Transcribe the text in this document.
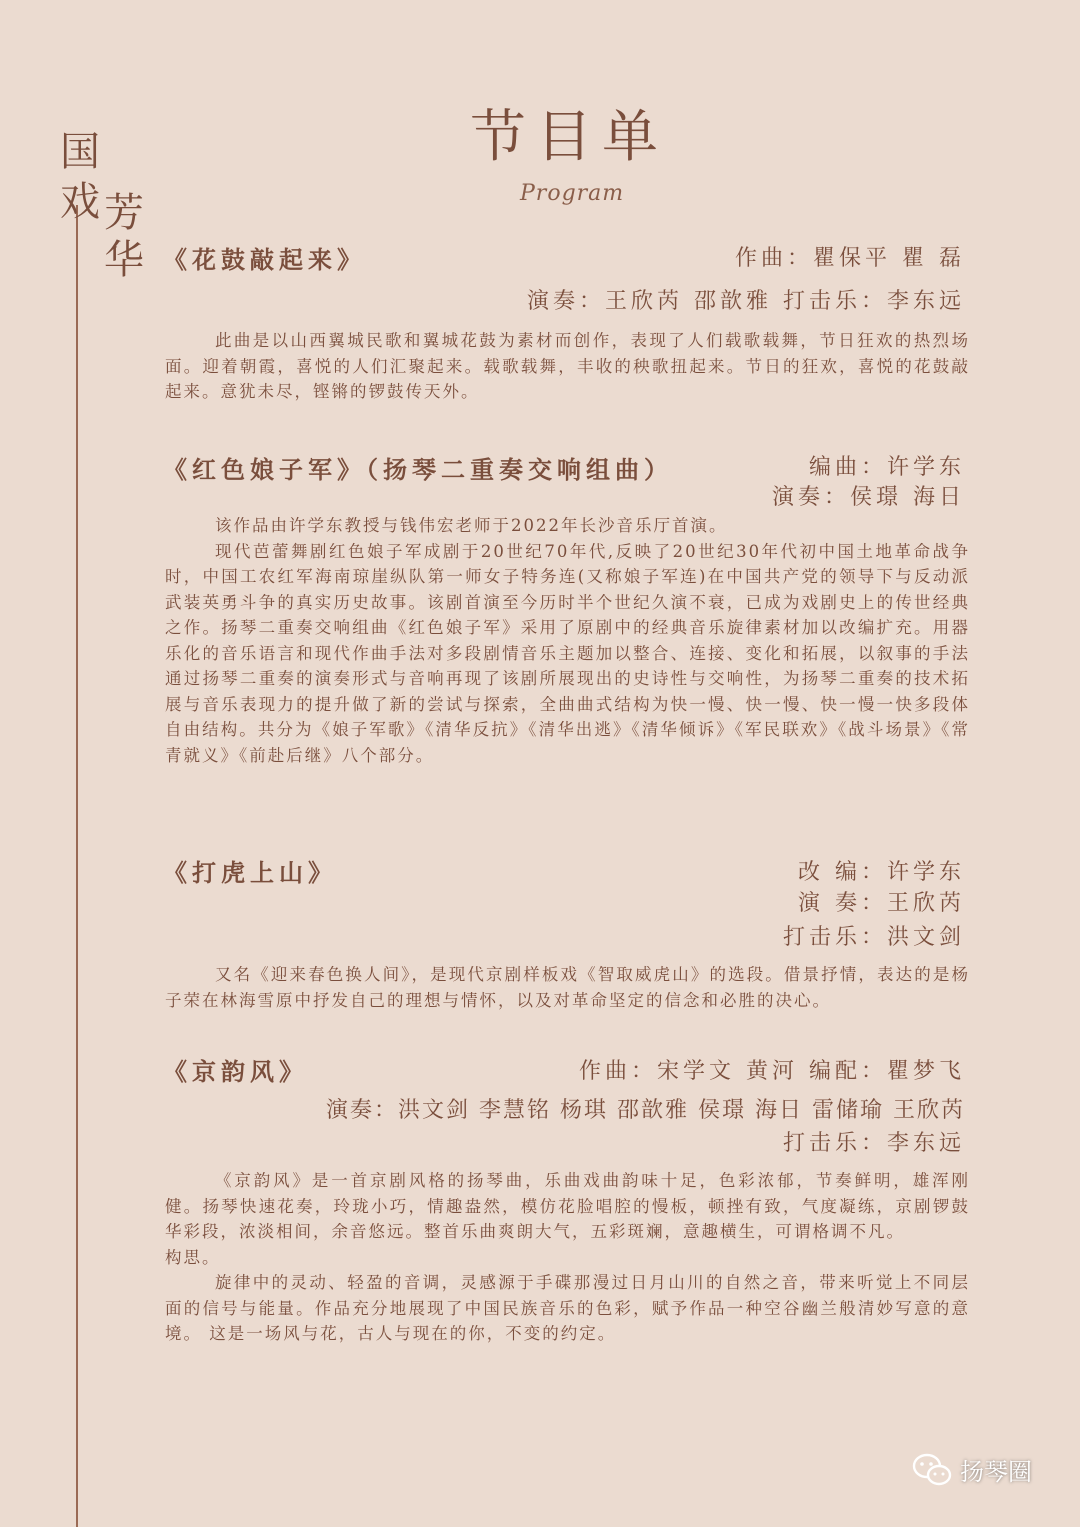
国
戏 芳
华
节目单
Program
《花鼓敲起来》	作曲：瞿保平 瞿 磊
演奏：王欣芮 邵歆雅 打击乐：李东远
此曲是以山西翼城民歌和翼城花鼓为素材而创作，表现了人们载歌载舞，节日狂欢的热烈场面。迎着朝霞，喜悦的人们汇聚起来。载歌载舞，丰收的秧歌扭起来。节日的狂欢，喜悦的花鼓敲起来。意犹未尽，铿锵的锣鼓传天外。
《红色娘子军》（扬琴二重奏交响组曲）	编曲：许学东
演奏：侯璟 海日
该作品由许学东教授与钱伟宏老师于2022年长沙音乐厅首演。
现代芭蕾舞剧红色娘子军成剧于20世纪70年代,反映了20世纪30年代初中国土地革命战争时，中国工农红军海南琼崖纵队第一师女子特务连(又称娘子军连)在中国共产党的领导下与反动派武装英勇斗争的真实历史故事。该剧首演至今历时半个世纪久演不衰，已成为戏剧史上的传世经典之作。扬琴二重奏交响组曲《红色娘子军》采用了原剧中的经典音乐旋律素材加以改编扩充。用器乐化的音乐语言和现代作曲手法对多段剧情音乐主题加以整合、连接、变化和拓展，以叙事的手法通过扬琴二重奏的演奏形式与音响再现了该剧所展现出的史诗性与交响性，为扬琴二重奏的技术拓展与音乐表现力的提升做了新的尝试与探索，全曲曲式结构为快一慢、快一慢、快一慢一快多段体自由结构。共分为《娘子军歌》《清华反抗》《清华出逃》《清华倾诉》《军民联欢》《战斗场景》《常青就义》《前赴后继》八个部分。
《打虎上山》	改 编：许学东
演 奏：王欣芮
打击乐：洪文剑
又名《迎来春色换人间》，是现代京剧样板戏《智取威虎山》的选段。借景抒情，表达的是杨子荣在林海雪原中抒发自己的理想与情怀，以及对革命坚定的信念和必胜的决心。
《京韵风》	作曲：宋学文 黄河 编配：瞿梦飞
演奏：洪文剑 李慧铭 杨琪 邵歆雅 侯璟 海日 雷储瑜 王欣芮
打击乐：李东远
《京韵风》是一首京剧风格的扬琴曲，乐曲戏曲韵味十足，色彩浓郁，节奏鲜明，雄浑刚健。扬琴快速花奏，玲珑小巧，情趣盎然，模仿花脸唱腔的慢板，顿挫有致，气度凝练，京剧锣鼓华彩段，浓淡相间，余音悠远。整首乐曲爽朗大气，五彩斑斓，意趣横生，可谓格调不凡。
构思。
旋律中的灵动、轻盈的音调，灵感源于手碟那漫过日月山川的自然之音，带来听觉上不同层面的信号与能量。作品充分地展现了中国民族音乐的色彩，赋予作品一种空谷幽兰般清妙写意的意境。 这是一场风与花，古人与现在的你，不变的约定。
扬琴圈
